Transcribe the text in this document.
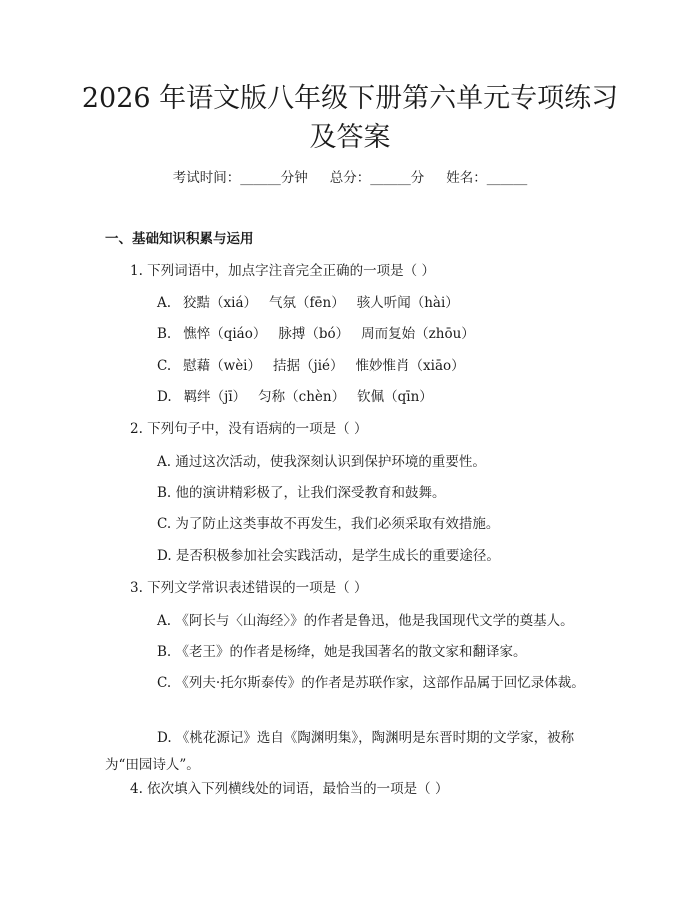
2026 年语文版八年级下册第六单元专项练习
及答案
考试时间：______分钟 总分：______分 姓名：______
一、基础知识积累与运用
1. 下列词语中，加点字注音完全正确的一项是（ ）
A. 狡黠（xiá） 气氛（fēn） 骇人听闻（hài）
B. 憔悴（qiáo） 脉搏（bó） 周而复始（zhōu）
C. 慰藉（wèi） 拮据（jié） 惟妙惟肖（xiāo）
D. 羁绊（jī） 匀称（chèn） 钦佩（qīn）
2. 下列句子中，没有语病的一项是（ ）
A. 通过这次活动，使我深刻认识到保护环境的重要性。
B. 他的演讲精彩极了，让我们深受教育和鼓舞。
C. 为了防止这类事故不再发生，我们必须采取有效措施。
D. 是否积极参加社会实践活动，是学生成长的重要途径。
3. 下列文学常识表述错误的一项是（ ）
A. 《阿长与〈山海经〉》的作者是鲁迅，他是我国现代文学的奠基人。
B. 《老王》的作者是杨绛，她是我国著名的散文家和翻译家。

C. 《列夫·托尔斯泰传》的作者是苏联作家，这部作品属于回忆录体裁。

D. 《桃花源记》选自《陶渊明集》，陶渊明是东晋时期的文学家，被称为“田园诗人”。

4. 依次填入下列横线处的词语，最恰当的一项是（ ）
